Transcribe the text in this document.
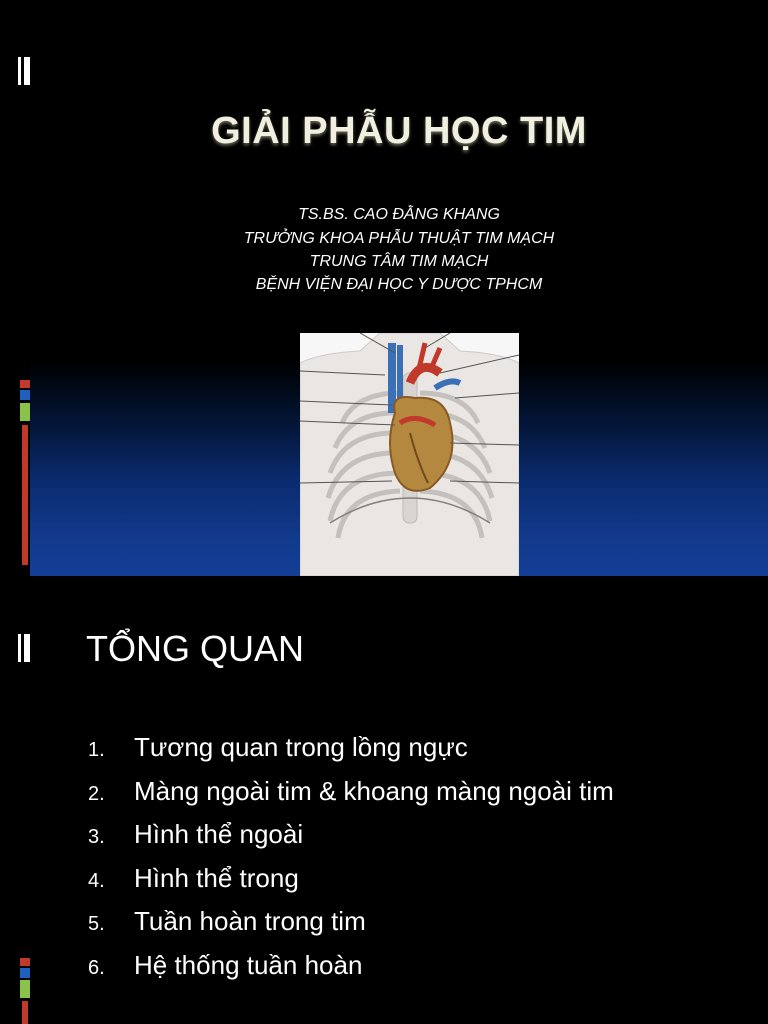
GIẢI PHẪU HỌC TIM
TS.BS. CAO ĐẰNG KHANG
TRƯỞNG KHOA PHẪU THUẬT TIM MẠCH
TRUNG TÂM TIM MẠCH
BỆNH VIỆN ĐẠI HỌC Y DƯỢC TPHCM
TỔNG QUAN
1. Tương quan trong lồng ngực
2. Màng ngoài tim & khoang màng ngoài tim
3. Hình thể ngoài
4. Hình thể trong
5. Tuần hoàn trong tim
6. Hệ thống tuần hoàn
